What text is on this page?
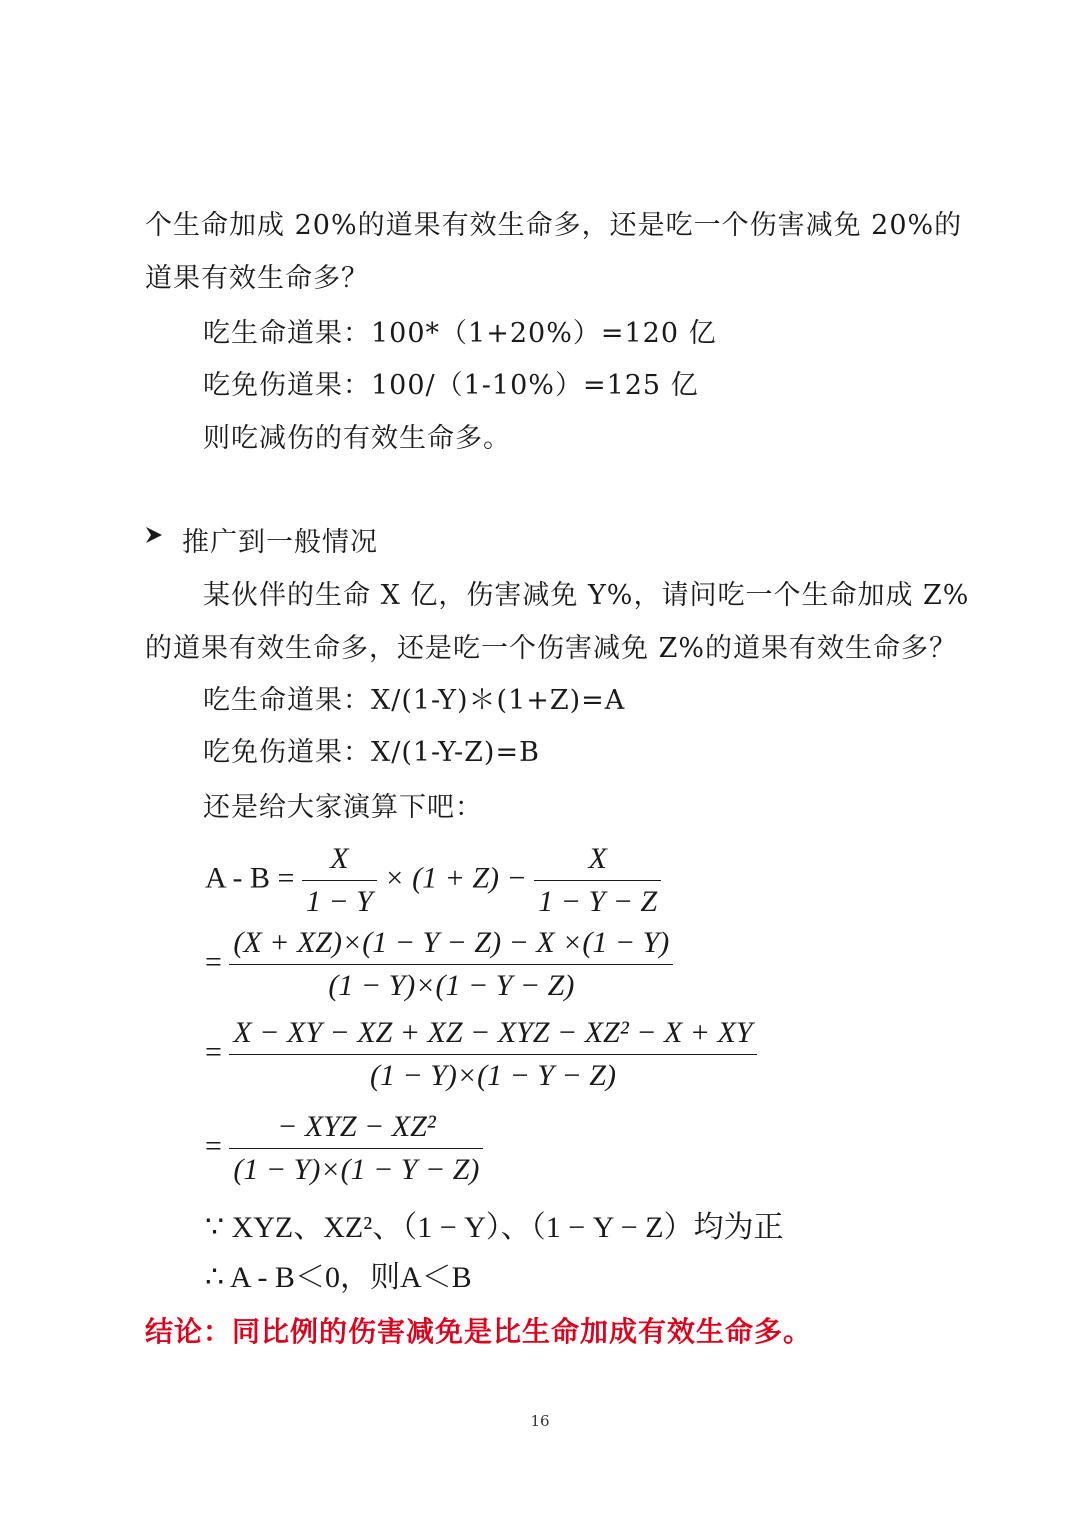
个生命加成 20%的道果有效生命多，还是吃一个伤害减免 20%的
道果有效生命多？
吃生命道果：100*（1+20%）=120 亿
吃免伤道果：100/（1-10%）=125 亿
则吃减伤的有效生命多。
推广到一般情况
某伙伴的生命 X 亿，伤害减免 Y%，请问吃一个生命加成 Z%
的道果有效生命多，还是吃一个伤害减免 Z%的道果有效生命多？
吃生命道果：X/(1-Y)＊(1+Z)=A
吃免伤道果：X/(1-Y-Z)=B
还是给大家演算下吧：
$A - B = \frac{X}{1 - Y} \times (1 + Z) - \frac{X}{1 - Y - Z}$
= $\frac{(X + XZ)\times(1 - Y - Z) - X \times(1 - Y)}{(1 - Y)\times(1 - Y - Z)}$
= $\frac{\text{X − XY − XZ + XZ − XYZ − XZ² − X + XY}}{(1 - Y)\times(1 - Y - Z)}$
= $\frac{\text{− XYZ − XZ²}}{(1 - Y)\times(1 - Y - Z)}$
∵ XYZ、XZ²、（1 − Y）、（1 − Y − Z）均为正
∴ A - B＜0，则A＜B
结论：同比例的伤害减免是比生命加成有效生命多。
16
